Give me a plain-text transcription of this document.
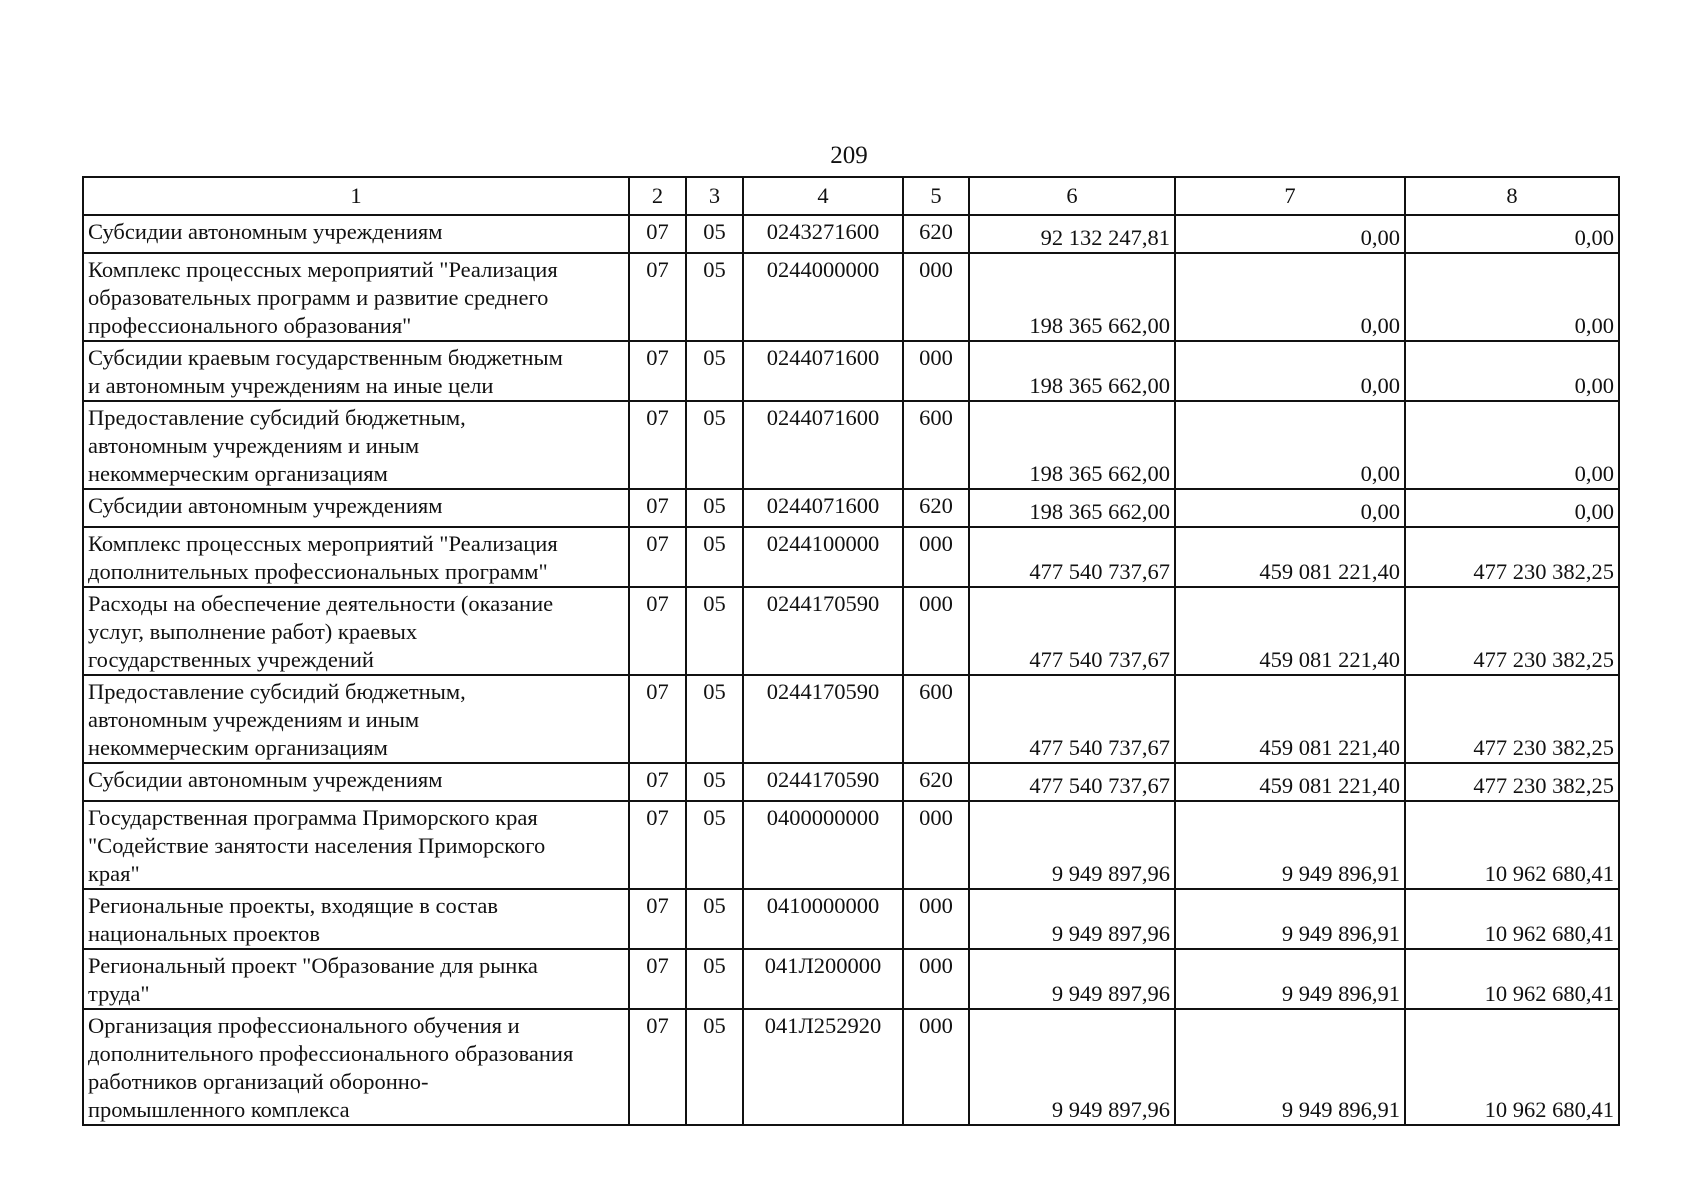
209
1	2	3	4	5	6	7	8
Субсидии автономным учреждениям	07	05	0243271600	620	92 132 247,81	0,00	0,00
Комплекс процессных мероприятий "Реализация
образовательных программ и развитие среднего
профессионального образования"	07	05	0244000000	000	198 365 662,00	0,00	0,00
Субсидии краевым государственным бюджетным
и автономным учреждениям на иные цели	07	05	0244071600	000	198 365 662,00	0,00	0,00
Предоставление субсидий бюджетным,
автономным учреждениям и иным
некоммерческим организациям	07	05	0244071600	600	198 365 662,00	0,00	0,00
Субсидии автономным учреждениям	07	05	0244071600	620	198 365 662,00	0,00	0,00
Комплекс процессных мероприятий "Реализация
дополнительных профессиональных программ"	07	05	0244100000	000	477 540 737,67	459 081 221,40	477 230 382,25
Расходы на обеспечение деятельности (оказание
услуг, выполнение работ) краевых
государственных учреждений	07	05	0244170590	000	477 540 737,67	459 081 221,40	477 230 382,25
Предоставление субсидий бюджетным,
автономным учреждениям и иным
некоммерческим организациям	07	05	0244170590	600	477 540 737,67	459 081 221,40	477 230 382,25
Субсидии автономным учреждениям	07	05	0244170590	620	477 540 737,67	459 081 221,40	477 230 382,25
Государственная программа Приморского края
"Содействие занятости населения Приморского
края"	07	05	0400000000	000	9 949 897,96	9 949 896,91	10 962 680,41
Региональные проекты, входящие в состав
национальных проектов	07	05	0410000000	000	9 949 897,96	9 949 896,91	10 962 680,41
Региональный проект "Образование для рынка
труда"	07	05	041Л200000	000	9 949 897,96	9 949 896,91	10 962 680,41
Организация профессионального обучения и
дополнительного профессионального образования
работников организаций оборонно-
промышленного комплекса	07	05	041Л252920	000	9 949 897,96	9 949 896,91	10 962 680,41
